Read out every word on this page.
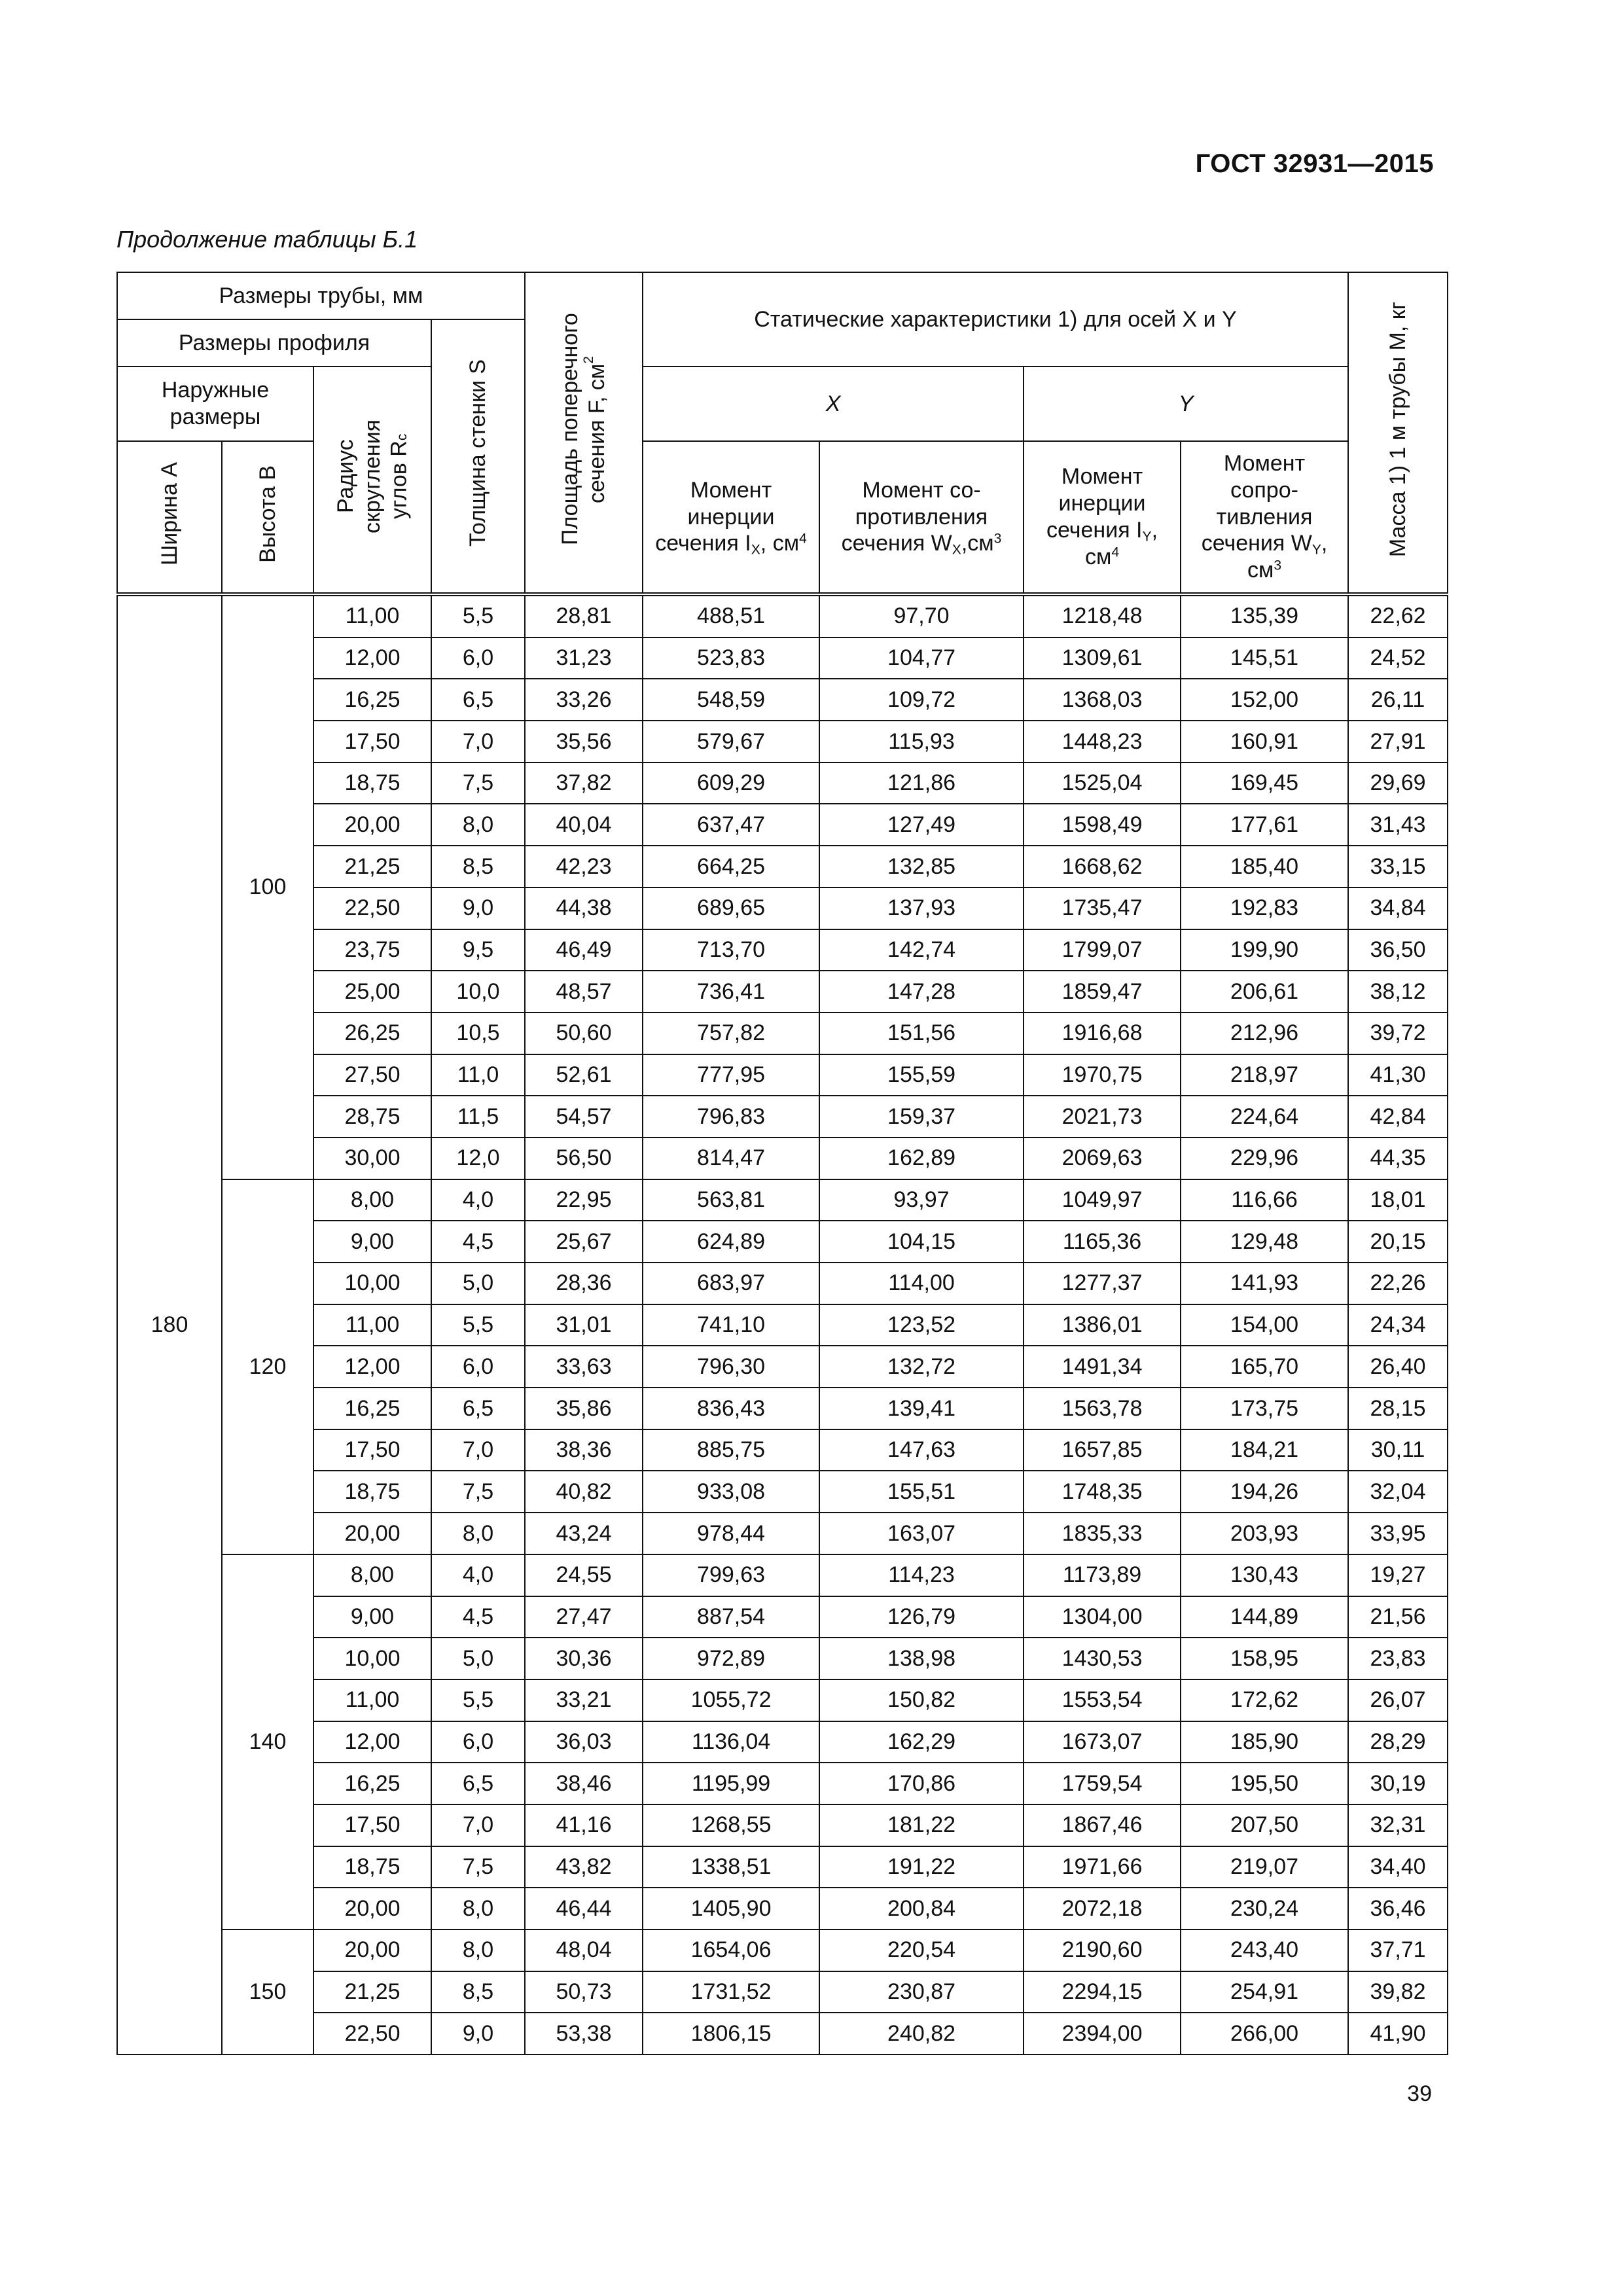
ГОСТ 32931—2015
Продолжение таблицы Б.1
Размеры трубы, мм				Площадь поперечного сечения F, $см^2$	Статические характеристики 1) для осей X и Y				Масса 1) 1 м трубы M, кг
Размеры профиля			Толщина стенки S						
Наружные размеры		Радиус скругления углов $R_c$			X		Y		
Ширина A	Высота B				Момент инерции сечения $I_X$, $см^4$	Момент со-противления сечения $W_X,см^3$	Момент инерции сечения $I_Y$, $см^4$	Момент сопро-тивления сечения $W_Y$, $см^3$
180	100	11,00	5,5	28,81	488,51	97,70	1218,48	135,39	22,62
		12,00	6,0	31,23	523,83	104,77	1309,61	145,51	24,52
		16,25	6,5	33,26	548,59	109,72	1368,03	152,00	26,11
		17,50	7,0	35,56	579,67	115,93	1448,23	160,91	27,91
		18,75	7,5	37,82	609,29	121,86	1525,04	169,45	29,69
		20,00	8,0	40,04	637,47	127,49	1598,49	177,61	31,43
		21,25	8,5	42,23	664,25	132,85	1668,62	185,40	33,15
		22,50	9,0	44,38	689,65	137,93	1735,47	192,83	34,84
		23,75	9,5	46,49	713,70	142,74	1799,07	199,90	36,50
		25,00	10,0	48,57	736,41	147,28	1859,47	206,61	38,12
		26,25	10,5	50,60	757,82	151,56	1916,68	212,96	39,72
		27,50	11,0	52,61	777,95	155,59	1970,75	218,97	41,30
		28,75	11,5	54,57	796,83	159,37	2021,73	224,64	42,84
		30,00	12,0	56,50	814,47	162,89	2069,63	229,96	44,35
	120	8,00	4,0	22,95	563,81	93,97	1049,97	116,66	18,01
		9,00	4,5	25,67	624,89	104,15	1165,36	129,48	20,15
		10,00	5,0	28,36	683,97	114,00	1277,37	141,93	22,26
		11,00	5,5	31,01	741,10	123,52	1386,01	154,00	24,34
		12,00	6,0	33,63	796,30	132,72	1491,34	165,70	26,40
		16,25	6,5	35,86	836,43	139,41	1563,78	173,75	28,15
		17,50	7,0	38,36	885,75	147,63	1657,85	184,21	30,11
		18,75	7,5	40,82	933,08	155,51	1748,35	194,26	32,04
		20,00	8,0	43,24	978,44	163,07	1835,33	203,93	33,95
	140	8,00	4,0	24,55	799,63	114,23	1173,89	130,43	19,27
		9,00	4,5	27,47	887,54	126,79	1304,00	144,89	21,56
		10,00	5,0	30,36	972,89	138,98	1430,53	158,95	23,83
		11,00	5,5	33,21	1055,72	150,82	1553,54	172,62	26,07
		12,00	6,0	36,03	1136,04	162,29	1673,07	185,90	28,29
		16,25	6,5	38,46	1195,99	170,86	1759,54	195,50	30,19
		17,50	7,0	41,16	1268,55	181,22	1867,46	207,50	32,31
		18,75	7,5	43,82	1338,51	191,22	1971,66	219,07	34,40
		20,00	8,0	46,44	1405,90	200,84	2072,18	230,24	36,46
	150	20,00	8,0	48,04	1654,06	220,54	2190,60	243,40	37,71
		21,25	8,5	50,73	1731,52	230,87	2294,15	254,91	39,82
		22,50	9,0	53,38	1806,15	240,82	2394,00	266,00	41,90
39
